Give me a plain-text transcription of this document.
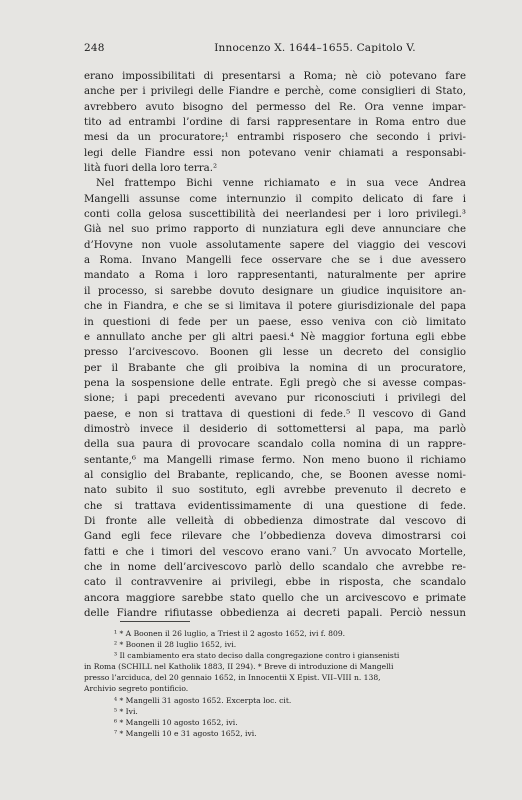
248	Innocenzo X. 1644–1655. Capitolo V.
erano impossibilitati di presentarsi a Roma; nè ciò potevano fare
anche per i privilegi delle Fiandre e perchè, come consiglieri di Stato,
avrebbero avuto bisogno del permesso del Re. Ora venne impar-
tito ad entrambi l’ordine di farsi rappresentare in Roma entro due
mesi da un procuratore;¹ entrambi risposero che secondo i privi-
legi delle Fiandre essi non potevano venir chiamati a responsabi-
lità fuori della loro terra.²
Nel frattempo Bichi venne richiamato e in sua vece Andrea
Mangelli assunse come internunzio il compito delicato di fare i
conti colla gelosa suscettibilità dei neerlandesi per i loro privilegi.³
Già nel suo primo rapporto di nunziatura egli deve annunciare che
d’Hovyne non vuole assolutamente sapere del viaggio dei vescovi
a Roma. Invano Mangelli fece osservare che se i due avessero
mandato a Roma i loro rappresentanti, naturalmente per aprire
il processo, si sarebbe dovuto designare un giudice inquisitore an-
che in Fiandra, e che se si limitava il potere giurisdizionale del papa
in questioni di fede per un paese, esso veniva con ciò limitato
e annullato anche per gli altri paesi.⁴ Nè maggior fortuna egli ebbe
presso l’arcivescovo. Boonen gli lesse un decreto del consiglio
per il Brabante che gli proibiva la nomina di un procuratore,
pena la sospensione delle entrate. Egli pregò che si avesse compas-
sione; i papi precedenti avevano pur riconosciuti i privilegi del
paese, e non si trattava di questioni di fede.⁵ Il vescovo di Gand
dimostrò invece il desiderio di sottomettersi al papa, ma parlò
della sua paura di provocare scandalo colla nomina di un rappre-
sentante,⁶ ma Mangelli rimase fermo. Non meno buono il richiamo
al consiglio del Brabante, replicando, che, se Boonen avesse nomi-
nato subito il suo sostituto, egli avrebbe prevenuto il decreto e
che si trattava evidentissimamente di una questione di fede.
Di fronte alle velleità di obbedienza dimostrate dal vescovo di
Gand egli fece rilevare che l’obbedienza doveva dimostrarsi coi
fatti e che i timori del vescovo erano vani.⁷ Un avvocato Mortelle,
che in nome dell’arcivescovo parlò dello scandalo che avrebbe re-
cato il contravvenire ai privilegi, ebbe in risposta, che scandalo
ancora maggiore sarebbe stato quello che un arcivescovo e primate
delle Fiandre rifiutasse obbedienza ai decreti papali. Perciò nessun
¹ * A Boonen il 26 luglio, a Triest il 2 agosto 1652, ivi f. 809.
² * Boonen il 28 luglio 1652, ivi.
³ Il cambiamento era stato deciso dalla congregazione contro i giansenisti
in Roma (SCHILL nel Katholik 1883, II 294). * Breve di introduzione di Mangelli
presso l’arciduca, del 20 gennaio 1652, in Innocentii X Epist. VII–VIII n. 138,
Archivio segreto pontificio.
⁴ * Mangelli 31 agosto 1652. Excerpta loc. cit.
⁵ * Ivi.
⁶ * Mangelli 10 agosto 1652, ivi.
⁷ * Mangelli 10 e 31 agosto 1652, ivi.
